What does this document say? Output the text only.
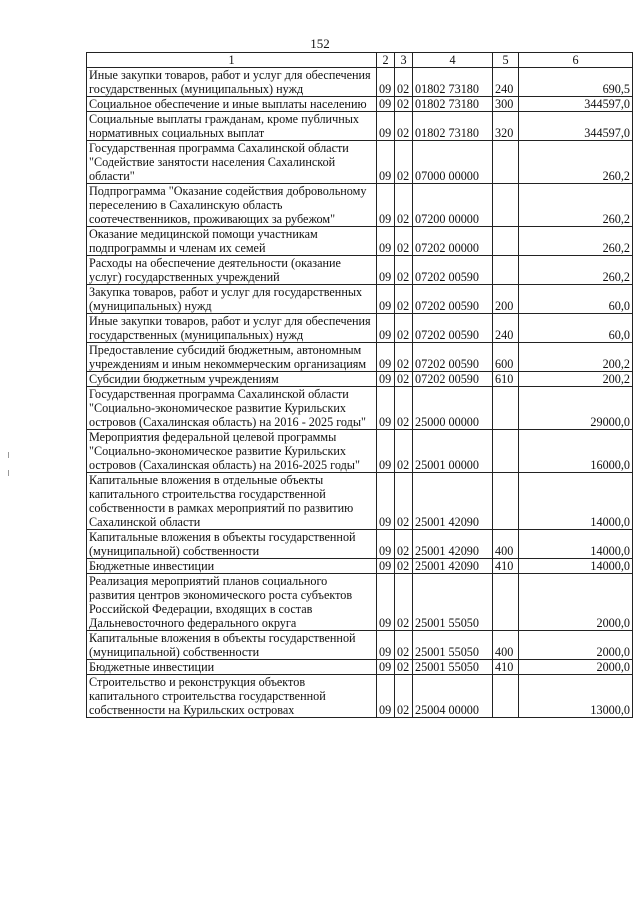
152
1	2	3	4	5	6
Иные закупки товаров, работ и услуг для обеспечения государственных (муниципальных) нужд	09	02	01802 73180	240	690,5
Социальное обеспечение и иные выплаты населению	09	02	01802 73180	300	344597,0
Социальные выплаты гражданам, кроме публичных нормативных социальных выплат	09	02	01802 73180	320	344597,0
Государственная программа Сахалинской области "Содействие занятости населения Сахалинской области"	09	02	07000 00000		260,2
Подпрограмма "Оказание содействия добровольному переселению в Сахалинскую область соотечественников, проживающих за рубежом"	09	02	07200 00000		260,2
Оказание медицинской помощи участникам подпрограммы и членам их семей	09	02	07202 00000		260,2
Расходы на обеспечение деятельности (оказание услуг) государственных учреждений	09	02	07202 00590		260,2
Закупка товаров, работ и услуг для государственных (муниципальных) нужд	09	02	07202 00590	200	60,0
Иные закупки товаров, работ и услуг для обеспечения государственных (муниципальных) нужд	09	02	07202 00590	240	60,0
Предоставление субсидий бюджетным, автономным учреждениям и иным некоммерческим организациям	09	02	07202 00590	600	200,2
Субсидии бюджетным учреждениям	09	02	07202 00590	610	200,2
Государственная программа Сахалинской области "Социально-экономическое развитие Курильских островов (Сахалинская область) на 2016 - 2025 годы"	09	02	25000 00000		29000,0
Мероприятия федеральной целевой программы "Социально-экономическое развитие Курильских островов (Сахалинская область) на 2016-2025 годы"	09	02	25001 00000		16000,0
Капитальные вложения в отдельные объекты капитального строительства государственной собственности в рамках мероприятий по развитию Сахалинской области	09	02	25001 42090		14000,0
Капитальные вложения в объекты государственной (муниципальной) собственности	09	02	25001 42090	400	14000,0
Бюджетные инвестиции	09	02	25001 42090	410	14000,0
Реализация мероприятий планов социального развития центров экономического роста субъектов Российской Федерации, входящих в состав Дальневосточного федерального округа	09	02	25001 55050		2000,0
Капитальные вложения в объекты государственной (муниципальной) собственности	09	02	25001 55050	400	2000,0
Бюджетные инвестиции	09	02	25001 55050	410	2000,0
Строительство и реконструкция объектов капитального строительства государственной собственности на Курильских островах	09	02	25004 00000		13000,0
